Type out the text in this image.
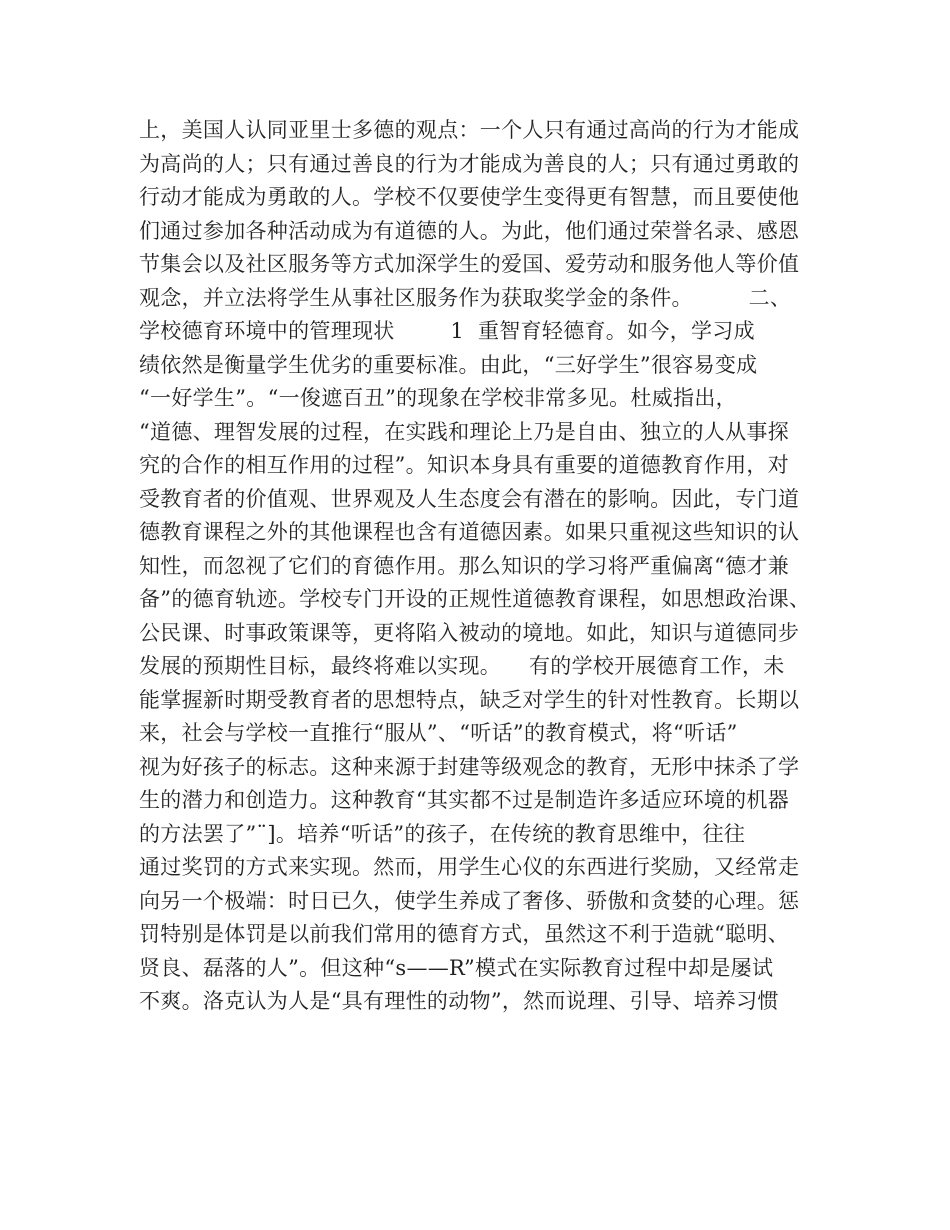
上，美国人认同亚里士多德的观点：一个人只有通过高尚的行为才能成
为高尚的人；只有通过善良的行为才能成为善良的人；只有通过勇敢的
行动才能成为勇敢的人。学校不仅要使学生变得更有智慧，而且要使他
们通过参加各种活动成为有道德的人。为此，他们通过荣誉名录、感恩
节集会以及社区服务等方式加深学生的爱国、爱劳动和服务他人等价值
观念，并立法将学生从事社区服务作为获取奖学金的条件。        二、
学校德育环境中的管理现状        1  重智育轻德育。如今，学习成
绩依然是衡量学生优劣的重要标准。由此，“三好学生”很容易变成
“一好学生”。“一俊遮百丑”的现象在学校非常多见。杜威指出，
“道德、理智发展的过程，在实践和理论上乃是自由、独立的人从事探
究的合作的相互作用的过程”。知识本身具有重要的道德教育作用，对
受教育者的价值观、世界观及人生态度会有潜在的影响。因此，专门道
德教育课程之外的其他课程也含有道德因素。如果只重视这些知识的认
知性，而忽视了它们的育德作用。那么知识的学习将严重偏离“德才兼
备”的德育轨迹。学校专门开设的正规性道德教育课程，如思想政治课、
公民课、时事政策课等，更将陷入被动的境地。如此，知识与道德同步
发展的预期性目标，最终将难以实现。    有的学校开展德育工作，未
能掌握新时期受教育者的思想特点，缺乏对学生的针对性教育。长期以
来，社会与学校一直推行“服从”、“听话”的教育模式，将“听话”
视为好孩子的标志。这种来源于封建等级观念的教育，无形中抹杀了学
生的潜力和创造力。这种教育“其实都不过是制造许多适应环境的机器
的方法罢了”¨]。培养“听话”的孩子，在传统的教育思维中，往往
通过奖罚的方式来实现。然而，用学生心仪的东西进行奖励，又经常走
向另一个极端：时日已久，使学生养成了奢侈、骄傲和贪婪的心理。惩
罚特别是体罚是以前我们常用的德育方式，虽然这不利于造就“聪明、
贤良、磊落的人”。但这种“s——R”模式在实际教育过程中却是屡试
不爽。洛克认为人是“具有理性的动物”，然而说理、引导、培养习惯
